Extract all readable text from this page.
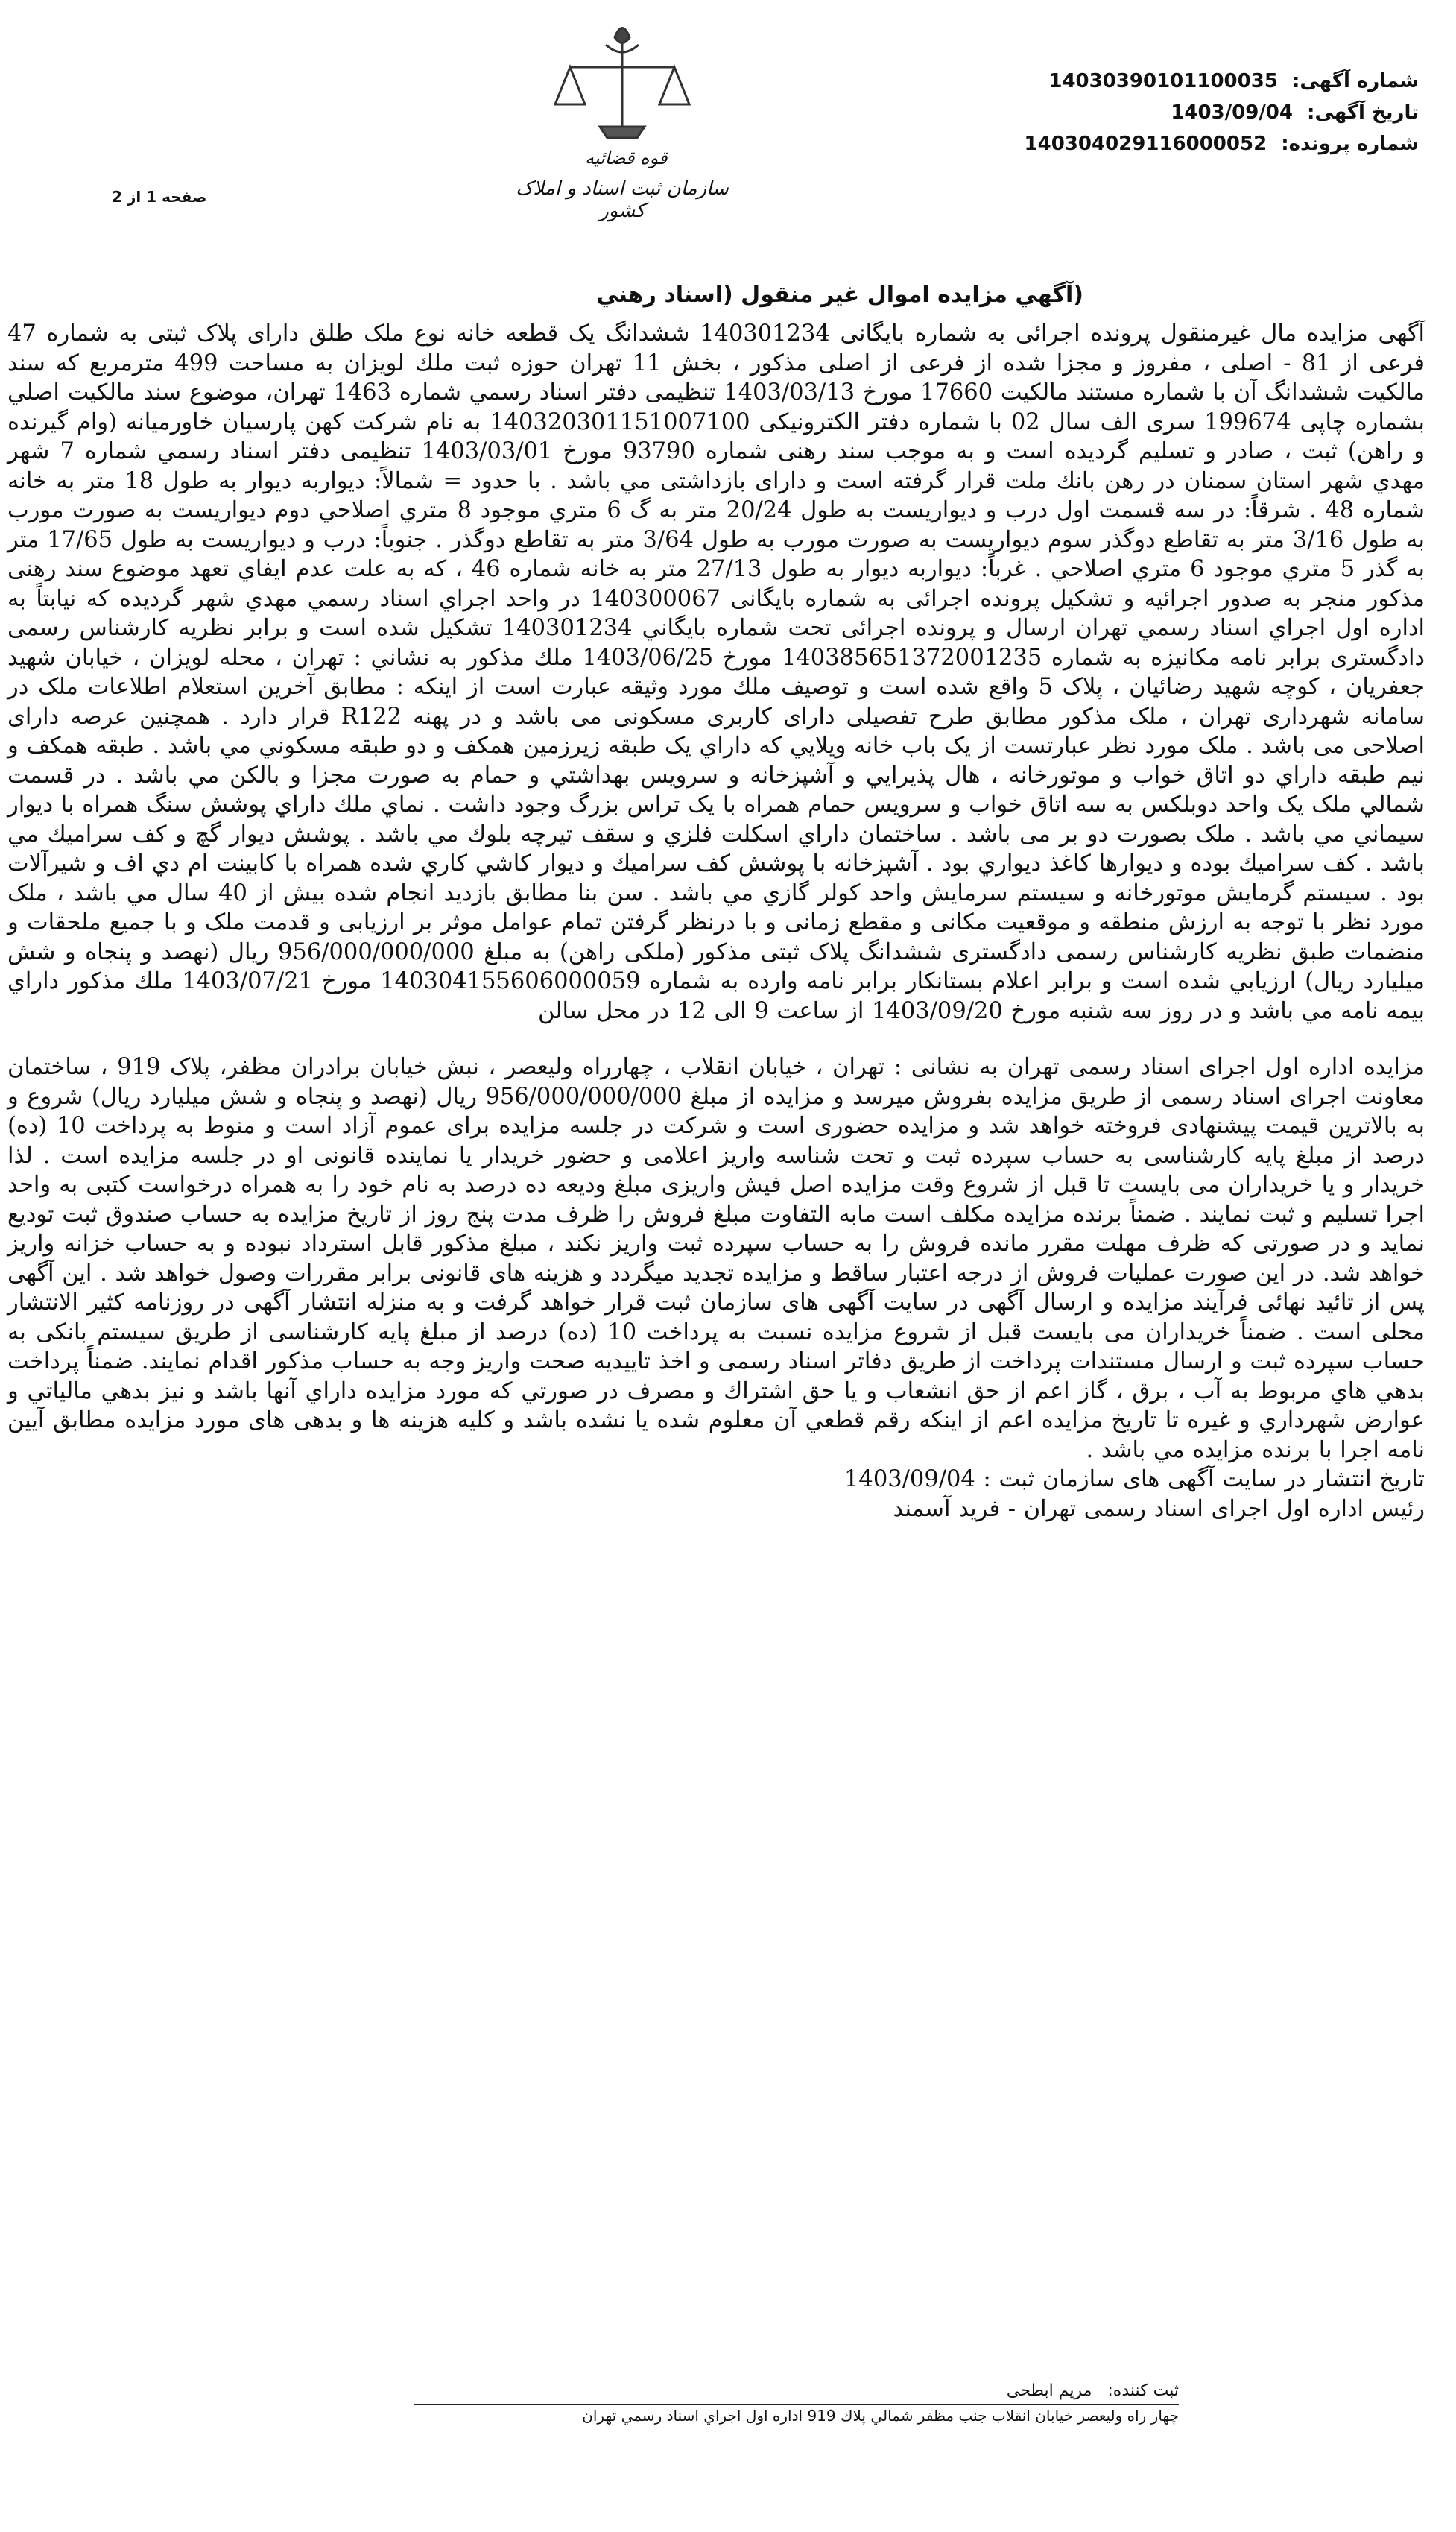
قوه قضائیه
سازمان ثبت اسناد و املاک کشور
شماره آگهی: 14030390101100035
تاریخ آگهی: 1403/09/04
شماره پرونده: 140304029116000052
صفحه 1 از 2
(آگهي مزايده اموال غير منقول (اسناد رهني

آگهی مزایده مال غیرمنقول پرونده اجرائی به شماره بایگانی 140301234 ششدانگ یک قطعه خانه نوع ملک طلق دارای پلاک ثبتی به شماره 47 فرعی از 81 - اصلی ، مفروز و مجزا شده از فرعی از اصلی مذکور ، بخش 11 تهران حوزه ثبت ملك لويزان به مساحت 499 مترمربع كه سند مالکیت ششدانگ آن با شماره مستند مالكيت 17660 مورخ 1403/03/13 تنظیمی دفتر اسناد رسمي شماره 1463 تهران، موضوع سند مالكيت اصلي بشماره چاپی 199674 سری الف سال 02 با شماره دفتر الكترونيكی 140320301151007100 به نام شرکت کهن پارسیان خاورمیانه (وام گیرنده و راهن) ثبت ، صادر و تسلیم گردیده است و به موجب سند رهنی شماره 93790 مورخ 1403/03/01 تنظیمی دفتر اسناد رسمي شماره 7 شهر مهدي شهر استان سمنان در رهن بانك ملت قرار گرفته است و دارای بازداشتی مي باشد . با حدود = شمالاً: دیواربه دیوار به طول 18 متر به خانه شماره 48 . شرقاً: در سه قسمت اول درب و دیواریست به طول 20/24 متر به گ 6 متري موجود 8 متري اصلاحي دوم دیواریست به صورت مورب به طول 3/16 متر به تقاطع دوگذر سوم دیواریست به صورت مورب به طول 3/64 متر به تقاطع دوگذر . جنوباً: درب و دیواریست به طول 17/65 متر به گذر 5 متري موجود 6 متري اصلاحي . غرباً: دیواربه دیوار به طول 27/13 متر به خانه شماره 46 ، كه به علت عدم ايفاي تعهد موضوع سند رهنی مذکور منجر به صدور اجرائیه و تشکیل پرونده اجرائی به شماره بایگانی 140300067 در واحد اجراي اسناد رسمي مهدي شهر گرديده كه نيابتاً به اداره اول اجراي اسناد رسمي تهران ارسال و پرونده اجرائی تحت شماره بايگاني 140301234 تشكيل شده است و برابر نظريه كارشناس رسمی دادگستری برابر نامه مکانیزه به شماره 140385651372001235 مورخ 1403/06/25 ملك مذكور به نشاني : تهران ، محله لویزان ، خیابان شهید جعفریان ، کوچه شهید رضائیان ، پلاک 5 واقع شده است و توصيف ملك مورد وثيقه عبارت است از اینکه : مطابق آخرین استعلام اطلاعات ملک در سامانه شهرداری تهران ، ملک مذکور مطابق طرح تفصیلی دارای کاربری مسکونی می باشد و در پهنه R122 قرار دارد . همچنین عرصه دارای اصلاحی می باشد . ملک مورد نظر عبارتست از یک باب خانه ویلایي كه داراي يک طبقه زیرزمین همكف و دو طبقه مسكوني مي باشد . طبقه همکف و نیم طبقه داراي دو اتاق خواب و موتورخانه ، هال پذيرايي و آشپزخانه و سرويس بهداشتي و حمام به صورت مجزا و بالكن مي باشد . در قسمت شمالي ملک یک واحد دوبلکس به سه اتاق خواب و سرویس حمام همراه با یک تراس بزرگ وجود داشت . نماي ملك داراي پوشش سنگ همراه با ديوار سيماني مي باشد . ملک بصورت دو بر می باشد . ساختمان داراي اسكلت فلزي و سقف تيرچه بلوك مي باشد . پوشش ديوار گچ و كف سراميك مي باشد . كف سراميك بوده و ديوارها كاغذ ديواري بود . آشپزخانه با پوشش كف سراميك و ديوار كاشي كاري شده همراه با كابينت ام دي اف و شيرآلات بود . سيستم گرمايش موتورخانه و سيستم سرمايش واحد كولر گازي مي باشد . سن بنا مطابق بازديد انجام شده بيش از 40 سال مي باشد ، ملک مورد نظر با توجه به ارزش منطقه و موقعیت مکانی و مقطع زمانی و با درنظر گرفتن تمام عوامل موثر بر ارزیابی و قدمت ملک و با جميع ملحقات و منضمات طبق نظريه كارشناس رسمی دادگستری ششدانگ پلاک ثبتی مذکور (ملكی راهن) به مبلغ 956/000/000/000 ريال (نهصد و پنجاه و شش ميليارد ريال) ارزيابي شده است و برابر اعلام بستانكار برابر نامه وارده به شماره 140304155606000059 مورخ 1403/07/21 ملك مذكور داراي بيمه نامه مي باشد و در روز سه شنبه مورخ 1403/09/20 از ساعت 9 الی 12 در محل سالن

مزایده اداره اول اجرای اسناد رسمی تهران به نشانی : تهران ، خیابان انقلاب ، چهارراه ولیعصر ، نبش خیابان برادران مظفر، پلاک 919 ، ساختمان معاونت اجرای اسناد رسمی از طريق مزايده بفروش ميرسد و مزايده از مبلغ 956/000/000/000 ريال (نهصد و پنجاه و شش ميليارد ريال) شروع و به بالاترين قيمت پيشنهادی فروخته خواهد شد و مزایده حضوری است و شرکت در جلسه مزایده برای عموم آزاد است و منوط به پرداخت 10 (ده) درصد از مبلغ پایه کارشناسی به حساب سپرده ثبت و تحت شناسه واریز اعلامی و حضور خریدار یا نماینده قانونی او در جلسه مزایده است . لذا خریدار و یا خریداران می بایست تا قبل از شروع وقت مزایده اصل فیش واریزی مبلغ ودیعه ده درصد به نام خود را به همراه درخواست کتبی به واحد اجرا تسلیم و ثبت نمایند . ضمناً برنده مزایده مکلف است مابه التفاوت مبلغ فروش را ظرف مدت پنج روز از تاریخ مزایده به حساب صندوق ثبت تودیع نماید و در صورتی که ظرف مهلت مقرر مانده فروش را به حساب سپرده ثبت واریز نکند ، مبلغ مذکور قابل استرداد نبوده و به حساب خزانه واریز خواهد شد. در این صورت عملیات فروش از درجه اعتبار ساقط و مزایده تجدید میگردد و هزینه های قانونی برابر مقررات وصول خواهد شد . این آگهی پس از تائید نهائی فرآیند مزایده و ارسال آگهی در سایت آگهی های سازمان ثبت قرار خواهد گرفت و به منزله انتشار آگهی در روزنامه کثیر الانتشار محلی است . ضمناً خريداران می بایست قبل از شروع مزايده نسبت به پرداخت 10 (ده) درصد از مبلغ پایه کارشناسی از طریق سیستم بانکی به حساب سپرده ثبت و ارسال مستندات پرداخت از طریق دفاتر اسناد رسمی و اخذ تاییدیه صحت واریز وجه به حساب مذکور اقدام نمایند. ضمناً پرداخت بدهي هاي مربوط به آب ، برق ، گاز اعم از حق انشعاب و يا حق اشتراك و مصرف در صورتي كه مورد مزايده داراي آنها باشد و نيز بدهي مالياتي و عوارض شهرداري و غيره تا تاريخ مزايده اعم از اينكه رقم قطعي آن معلوم شده يا نشده باشد و كليه هزينه ها و بدهی های مورد مزايده مطابق آيين نامه اجرا با برنده مزايده مي باشد .

تاریخ انتشار در سایت آگهی های سازمان ثبت : 1403/09/04

رئیس اداره اول اجرای اسناد رسمی تهران - فرید آسمند

ثبت کننده: مریم ابطحی
چهار راه وليعصر خيابان انقلاب جنب مظفر شمالي پلاك 919 اداره اول اجراي اسناد رسمي تهران
